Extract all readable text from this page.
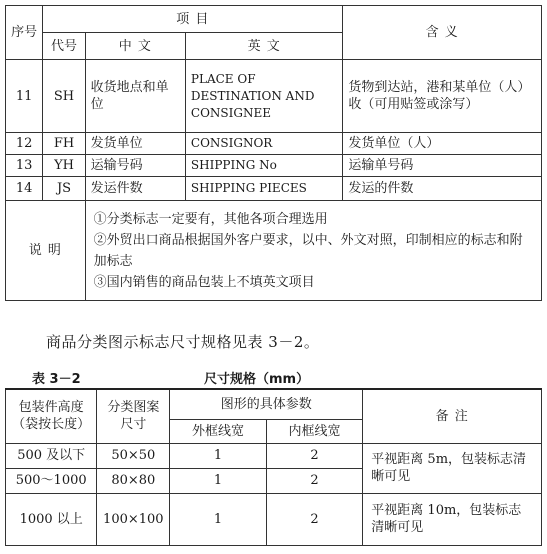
序号	项 目			含 义
	代号	中 文	英 文	
11	SH	收货地点和单位	PLACE OF DESTINATION AND CONSIGNEE	货物到达站，港和某单位（人）收（可用贴签或涂写）
12	FH	发货单位	CONSIGNOR	发货单位（人）
13	YH	运输号码	SHIPPING No	运输单号码
14	JS	发运件数	SHIPPING PIECES	发运的件数
说 明		①分类标志一定要有，其他各项合理选用
②外贸出口商品根据国外客户要求，以中、外文对照，印制相应的标志和附加标志
③国内销售的商品包装上不填英文项目		
商品分类图示标志尺寸规格见表 3－2。
表 3－2	尺寸规格（mm）
包装件高度（袋按长度）	分类图案尺寸	图形的具体参数		备 注
		外框线宽	内框线宽	
500 及以下	50×50	1	2	平视距离 5m，包装标志清晰可见
500～1000	80×80	1	2	
1000 以上	100×100	1	2	平视距离 10m，包装标志清晰可见
